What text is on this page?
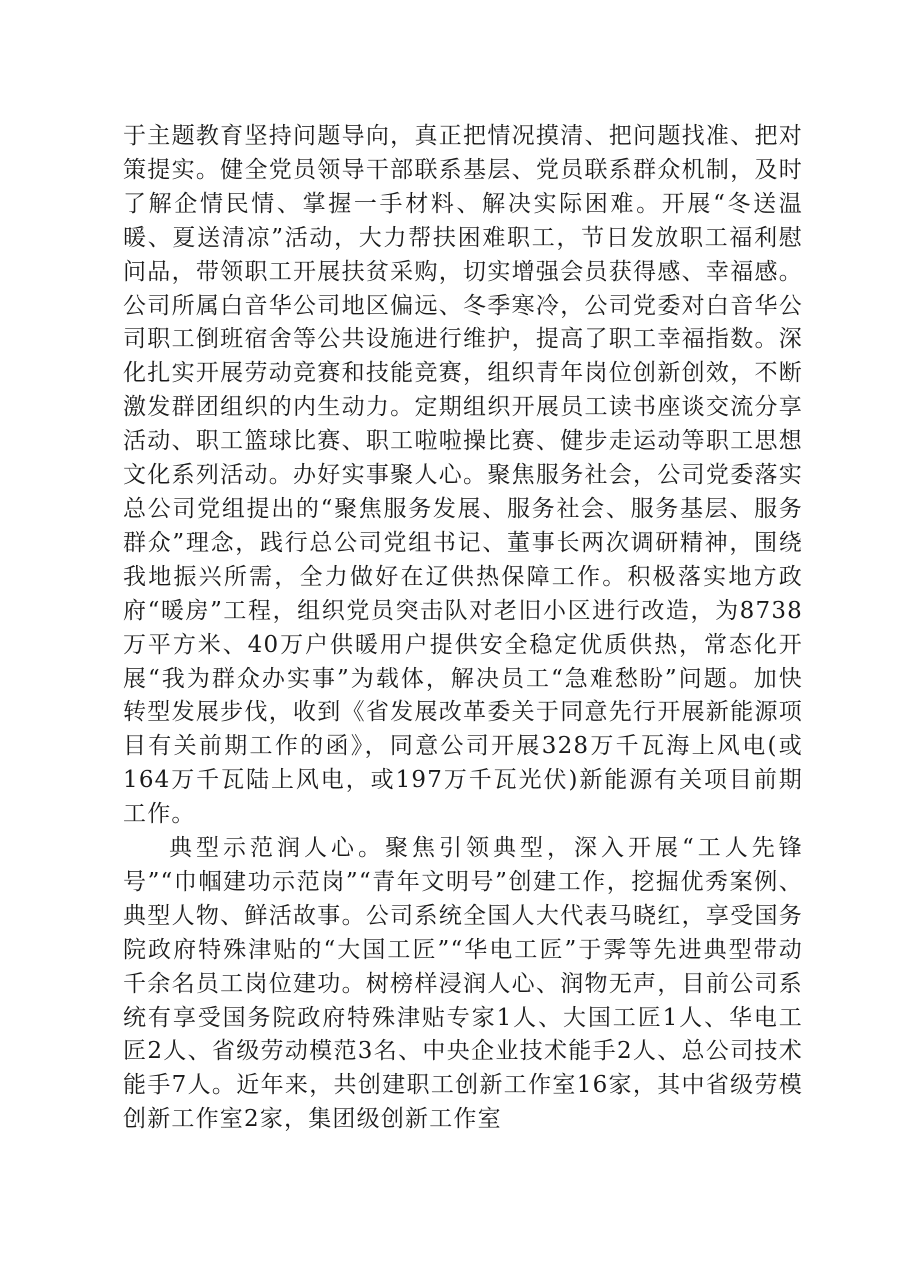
于主题教育坚持问题导向，真正把情况摸清、把问题找准、把对策提实。健全党员领导干部联系基层、党员联系群众机制，及时了解企情民情、掌握一手材料、解决实际困难。开展“冬送温暖、夏送清凉”活动，大力帮扶困难职工，节日发放职工福利慰问品，带领职工开展扶贫采购，切实增强会员获得感、幸福感。公司所属白音华公司地区偏远、冬季寒冷，公司党委对白音华公司职工倒班宿舍等公共设施进行维护，提高了职工幸福指数。深化扎实开展劳动竞赛和技能竞赛，组织青年岗位创新创效，不断激发群团组织的内生动力。定期组织开展员工读书座谈交流分享活动、职工篮球比赛、职工啦啦操比赛、健步走运动等职工思想文化系列活动。办好实事聚人心。聚焦服务社会，公司党委落实总公司党组提出的“聚焦服务发展、服务社会、服务基层、服务群众”理念，践行总公司党组书记、董事长两次调研精神，围绕我地振兴所需，全力做好在辽供热保障工作。积极落实地方政府“暖房”工程，组织党员突击队对老旧小区进行改造，为8738万平方米、40万户供暖用户提供安全稳定优质供热，常态化开展“我为群众办实事”为载体，解决员工“急难愁盼”问题。加快转型发展步伐，收到《省发展改革委关于同意先行开展新能源项目有关前期工作的函》，同意公司开展328万千瓦海上风电(或164万千瓦陆上风电，或197万千瓦光伏)新能源有关项目前期工作。

典型示范润人心。聚焦引领典型，深入开展“工人先锋号”“巾帼建功示范岗”“青年文明号”创建工作，挖掘优秀案例、典型人物、鲜活故事。公司系统全国人大代表马晓红，享受国务院政府特殊津贴的“大国工匠”“华电工匠”于霁等先进典型带动千余名员工岗位建功。树榜样浸润人心、润物无声，目前公司系统有享受国务院政府特殊津贴专家1人、大国工匠1人、华电工匠2人、省级劳动模范3名、中央企业技术能手2人、总公司技术能手7人。近年来，共创建职工创新工作室16家，其中省级劳模创新工作室2家，集团级创新工作室
